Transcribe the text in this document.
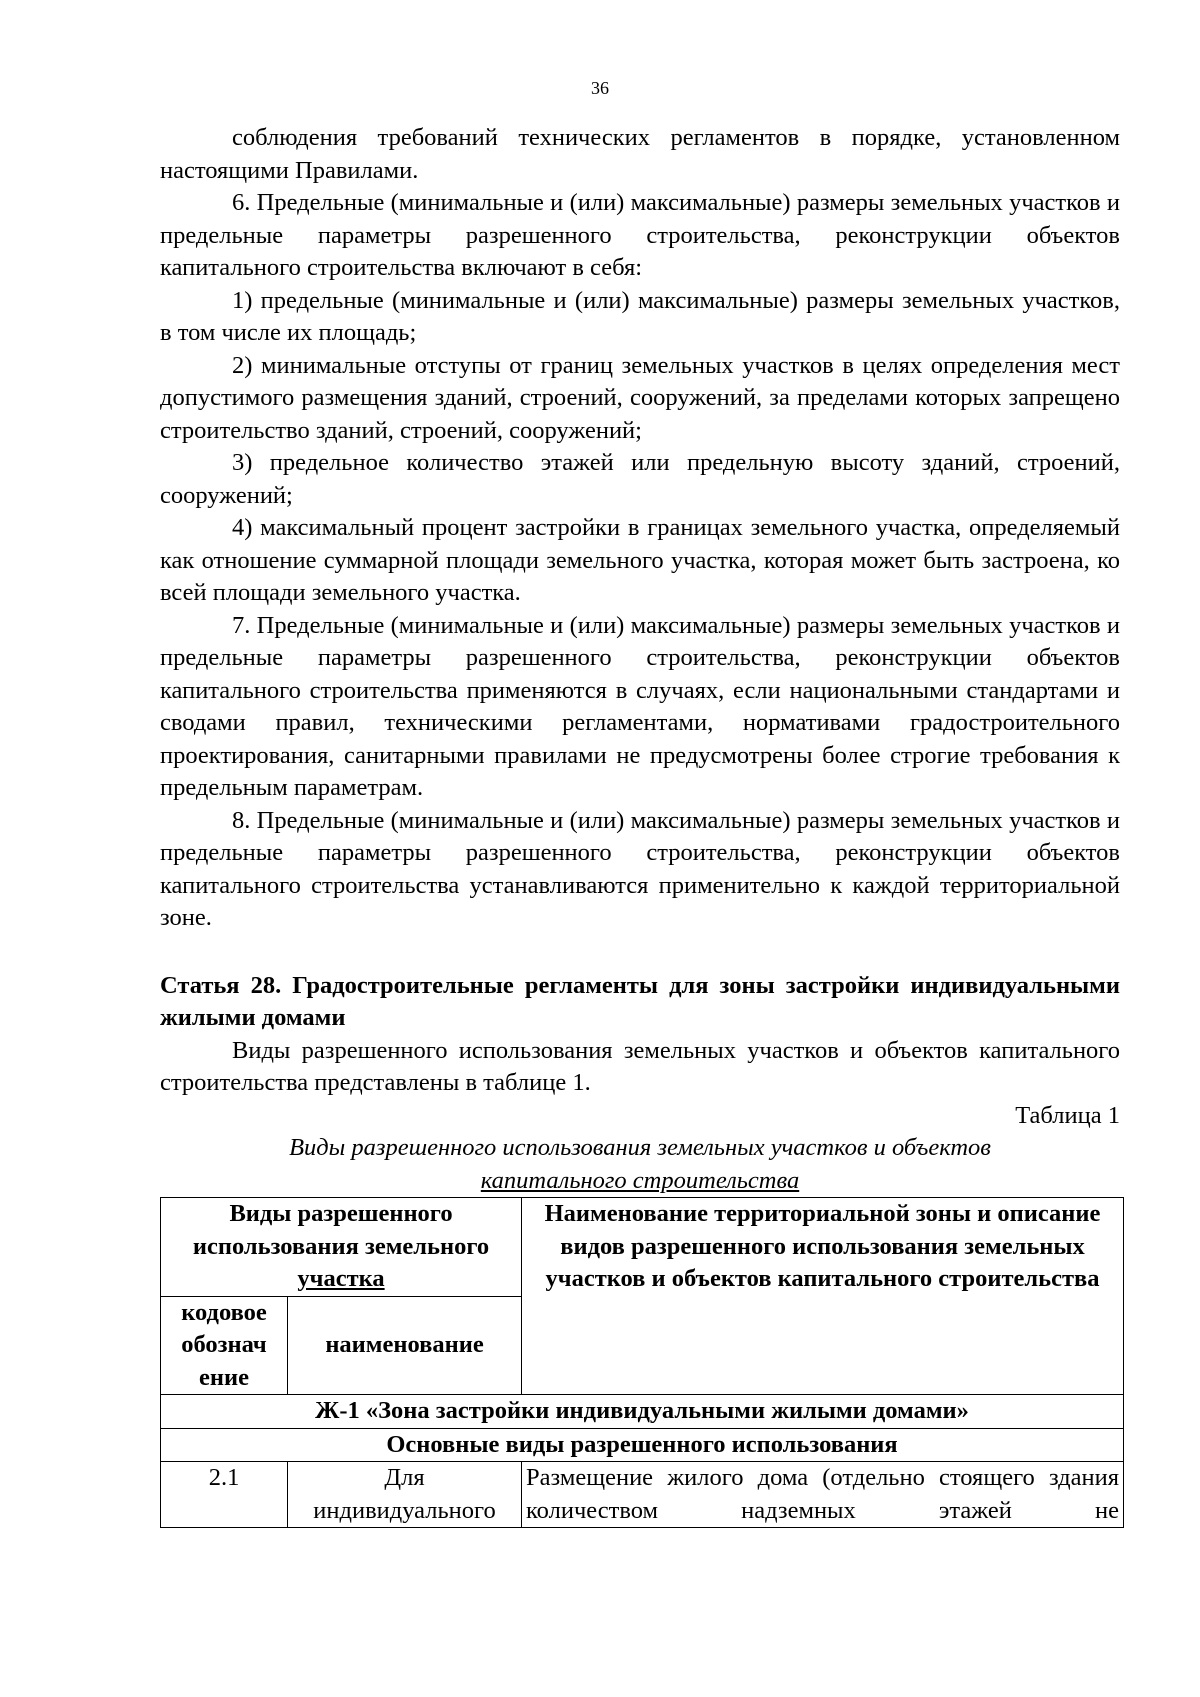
36

соблюдения требований технических регламентов в порядке, установленном настоящими Правилами.

6. Предельные (минимальные и (или) максимальные) размеры земельных участков и предельные параметры разрешенного строительства, реконструкции объектов капитального строительства включают в себя:

1) предельные (минимальные и (или) максимальные) размеры земельных участков, в том числе их площадь;

2) минимальные отступы от границ земельных участков в целях определения мест допустимого размещения зданий, строений, сооружений, за пределами которых запрещено строительство зданий, строений, сооружений;

3) предельное количество этажей или предельную высоту зданий, строений, сооружений;

4) максимальный процент застройки в границах земельного участка, определяемый как отношение суммарной площади земельного участка, которая может быть застроена, ко всей площади земельного участка.

7. Предельные (минимальные и (или) максимальные) размеры земельных участков и предельные параметры разрешенного строительства, реконструкции объектов капитального строительства применяются в случаях, если национальными стандартами и сводами правил, техническими регламентами, нормативами градостроительного проектирования, санитарными правилами не предусмотрены более строгие требования к предельным параметрам.

8. Предельные (минимальные и (или) максимальные) размеры земельных участков и предельные параметры разрешенного строительства, реконструкции объектов капитального строительства устанавливаются применительно к каждой территориальной зоне.

Статья 28. Градостроительные регламенты для зоны застройки индивидуальными жилыми домами

Виды разрешенного использования земельных участков и объектов капитального строительства представлены в таблице 1.

Таблица 1

Виды разрешенного использования земельных участков и объектов
капитального строительства
Виды разрешенного
использования земельного
участка		Наименование территориальной зоны и описание видов разрешенного использования земельных участков и объектов капитального строительства
кодовое обознач ение	наименование	
Ж-1 «Зона застройки индивидуальными жилыми домами»		
Основные виды разрешенного использования		
2.1	Для индивидуального	Размещение жилого дома (отдельно стоящего здания количеством надземных этажей не
